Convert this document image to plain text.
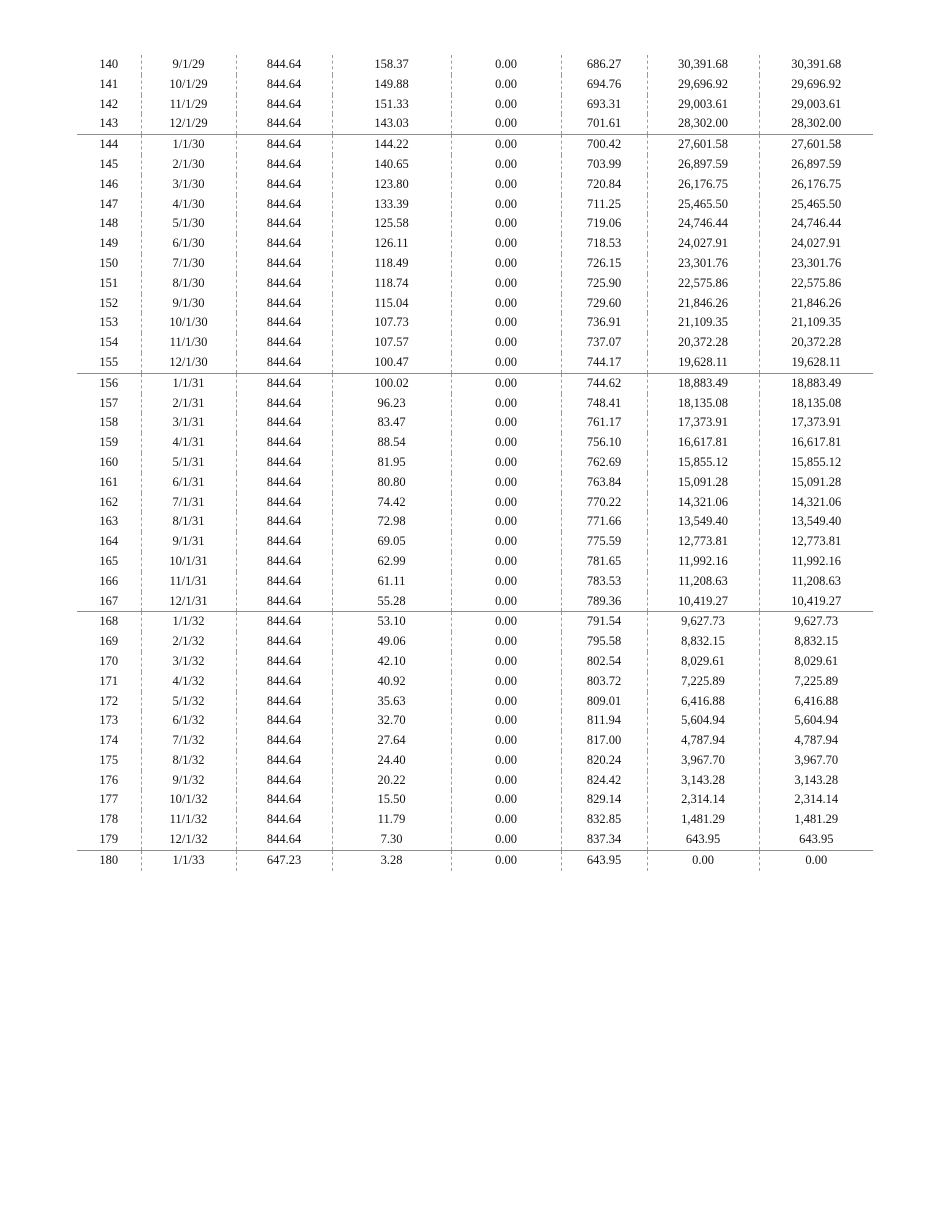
140	9/1/29	844.64	158.37	0.00	686.27	30,391.68	30,391.68
141	10/1/29	844.64	149.88	0.00	694.76	29,696.92	29,696.92
142	11/1/29	844.64	151.33	0.00	693.31	29,003.61	29,003.61
143	12/1/29	844.64	143.03	0.00	701.61	28,302.00	28,302.00
144	1/1/30	844.64	144.22	0.00	700.42	27,601.58	27,601.58
145	2/1/30	844.64	140.65	0.00	703.99	26,897.59	26,897.59
146	3/1/30	844.64	123.80	0.00	720.84	26,176.75	26,176.75
147	4/1/30	844.64	133.39	0.00	711.25	25,465.50	25,465.50
148	5/1/30	844.64	125.58	0.00	719.06	24,746.44	24,746.44
149	6/1/30	844.64	126.11	0.00	718.53	24,027.91	24,027.91
150	7/1/30	844.64	118.49	0.00	726.15	23,301.76	23,301.76
151	8/1/30	844.64	118.74	0.00	725.90	22,575.86	22,575.86
152	9/1/30	844.64	115.04	0.00	729.60	21,846.26	21,846.26
153	10/1/30	844.64	107.73	0.00	736.91	21,109.35	21,109.35
154	11/1/30	844.64	107.57	0.00	737.07	20,372.28	20,372.28
155	12/1/30	844.64	100.47	0.00	744.17	19,628.11	19,628.11
156	1/1/31	844.64	100.02	0.00	744.62	18,883.49	18,883.49
157	2/1/31	844.64	96.23	0.00	748.41	18,135.08	18,135.08
158	3/1/31	844.64	83.47	0.00	761.17	17,373.91	17,373.91
159	4/1/31	844.64	88.54	0.00	756.10	16,617.81	16,617.81
160	5/1/31	844.64	81.95	0.00	762.69	15,855.12	15,855.12
161	6/1/31	844.64	80.80	0.00	763.84	15,091.28	15,091.28
162	7/1/31	844.64	74.42	0.00	770.22	14,321.06	14,321.06
163	8/1/31	844.64	72.98	0.00	771.66	13,549.40	13,549.40
164	9/1/31	844.64	69.05	0.00	775.59	12,773.81	12,773.81
165	10/1/31	844.64	62.99	0.00	781.65	11,992.16	11,992.16
166	11/1/31	844.64	61.11	0.00	783.53	11,208.63	11,208.63
167	12/1/31	844.64	55.28	0.00	789.36	10,419.27	10,419.27
168	1/1/32	844.64	53.10	0.00	791.54	9,627.73	9,627.73
169	2/1/32	844.64	49.06	0.00	795.58	8,832.15	8,832.15
170	3/1/32	844.64	42.10	0.00	802.54	8,029.61	8,029.61
171	4/1/32	844.64	40.92	0.00	803.72	7,225.89	7,225.89
172	5/1/32	844.64	35.63	0.00	809.01	6,416.88	6,416.88
173	6/1/32	844.64	32.70	0.00	811.94	5,604.94	5,604.94
174	7/1/32	844.64	27.64	0.00	817.00	4,787.94	4,787.94
175	8/1/32	844.64	24.40	0.00	820.24	3,967.70	3,967.70
176	9/1/32	844.64	20.22	0.00	824.42	3,143.28	3,143.28
177	10/1/32	844.64	15.50	0.00	829.14	2,314.14	2,314.14
178	11/1/32	844.64	11.79	0.00	832.85	1,481.29	1,481.29
179	12/1/32	844.64	7.30	0.00	837.34	643.95	643.95
180	1/1/33	647.23	3.28	0.00	643.95	0.00	0.00
